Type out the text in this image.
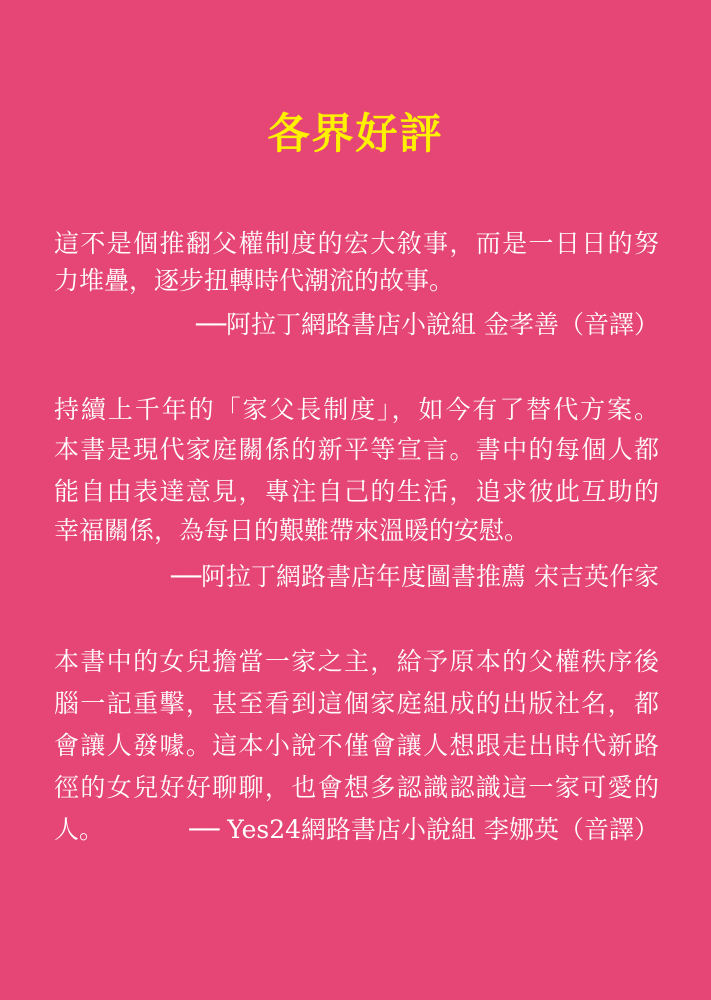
各界好評
這不是個推翻父權制度的宏大敘事，而是一日日的努
力堆疊，逐步扭轉時代潮流的故事。
──阿拉丁網路書店小說組 金孝善（音譯）
持續上千年的「家父長制度」，如今有了替代方案。
本書是現代家庭關係的新平等宣言。書中的每個人都
能自由表達意見，專注自己的生活，追求彼此互助的
幸福關係，為每日的艱難帶來溫暖的安慰。
──阿拉丁網路書店年度圖書推薦 宋吉英作家
本書中的女兒擔當一家之主，給予原本的父權秩序後
腦一記重擊，甚至看到這個家庭組成的出版社名，都
會讓人發噱。這本小說不僅會讓人想跟走出時代新路
徑的女兒好好聊聊，也會想多認識認識這一家可愛的
人。	── Yes24網路書店小說組 李娜英（音譯）
